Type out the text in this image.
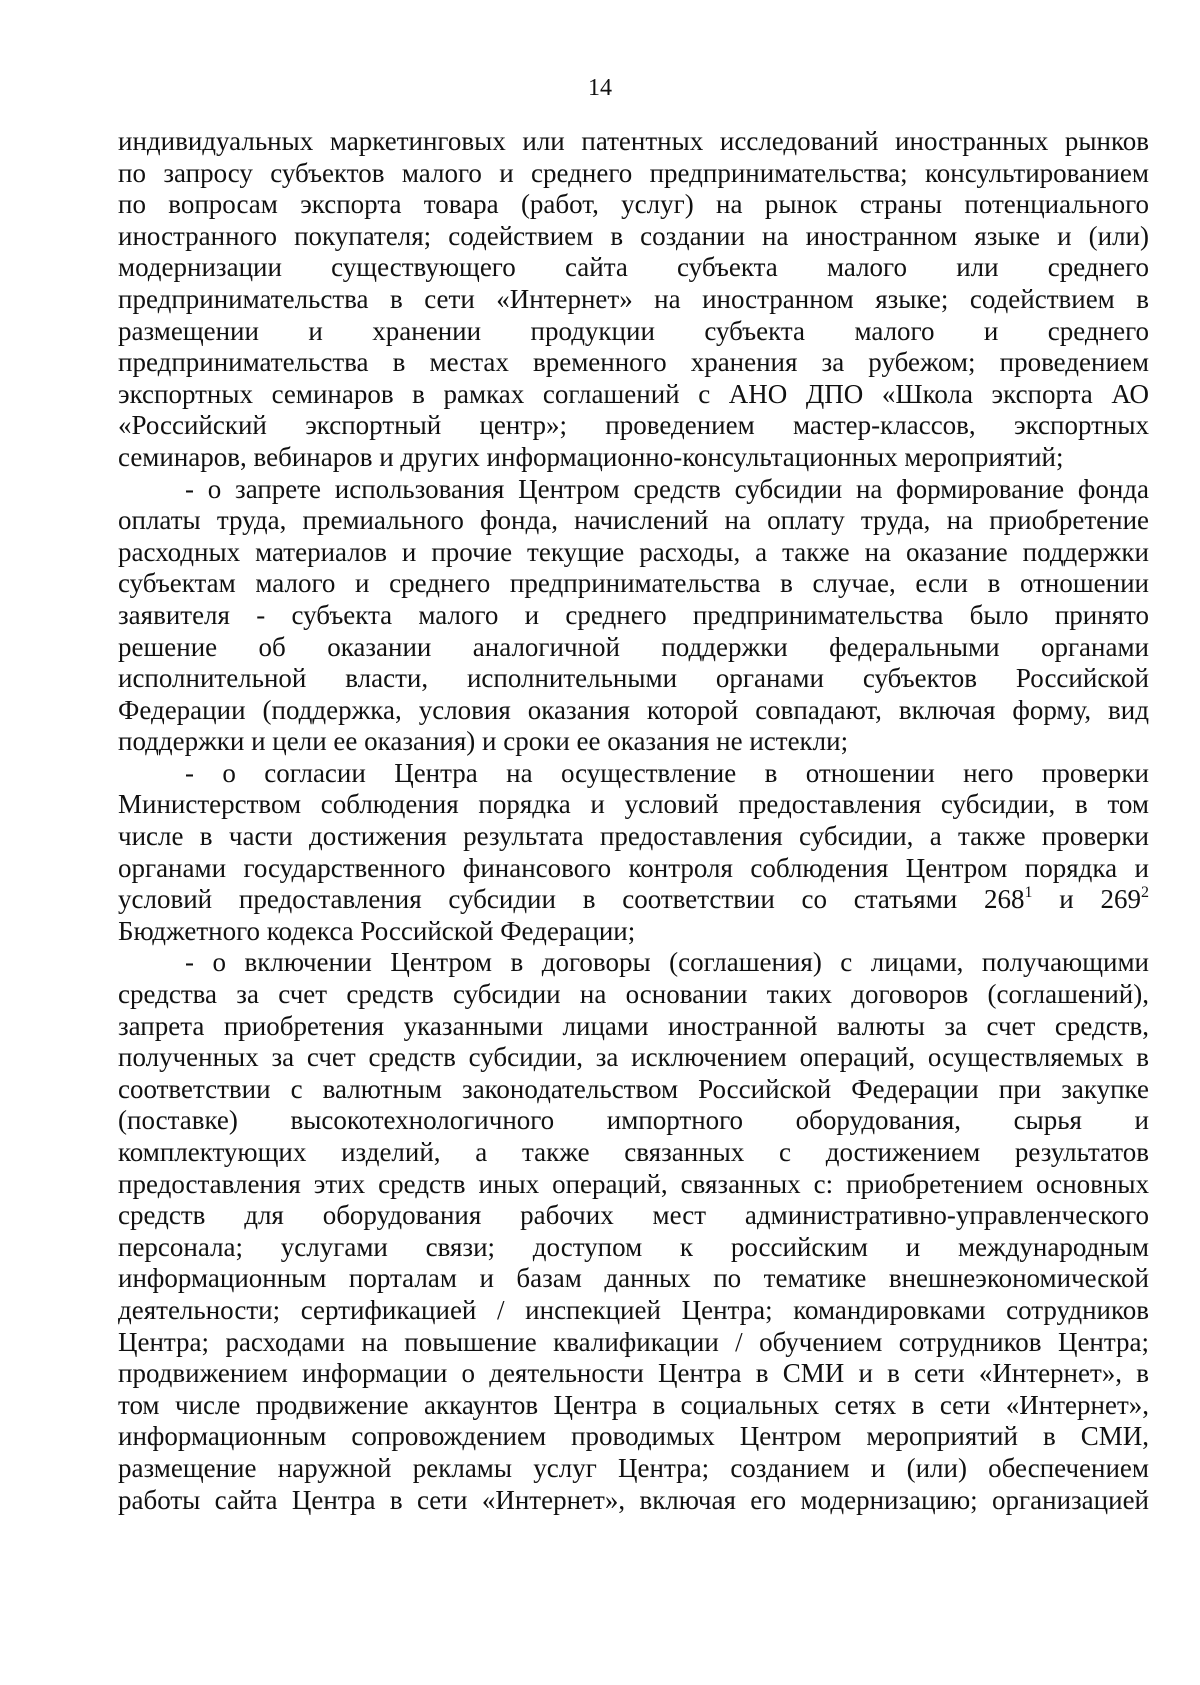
14
индивидуальных маркетинговых или патентных исследований иностранных рынков
по запросу субъектов малого и среднего предпринимательства; консультированием
по вопросам экспорта товара (работ, услуг) на рынок страны потенциального
иностранного покупателя; содействием в создании на иностранном языке и (или)
модернизации существующего сайта субъекта малого или среднего
предпринимательства в сети «Интернет» на иностранном языке; содействием в
размещении и хранении продукции субъекта малого и среднего
предпринимательства в местах временного хранения за рубежом; проведением
экспортных семинаров в рамках соглашений с АНО ДПО «Школа экспорта АО
«Российский экспортный центр»; проведением мастер-классов, экспортных
семинаров, вебинаров и других информационно-консультационных мероприятий;
- о запрете использования Центром средств субсидии на формирование фонда
оплаты труда, премиального фонда, начислений на оплату труда, на приобретение
расходных материалов и прочие текущие расходы, а также на оказание поддержки
субъектам малого и среднего предпринимательства в случае, если в отношении
заявителя - субъекта малого и среднего предпринимательства было принято
решение об оказании аналогичной поддержки федеральными органами
исполнительной власти, исполнительными органами субъектов Российской
Федерации (поддержка, условия оказания которой совпадают, включая форму, вид
поддержки и цели ее оказания) и сроки ее оказания не истекли;
- о согласии Центра на осуществление в отношении него проверки
Министерством соблюдения порядка и условий предоставления субсидии, в том
числе в части достижения результата предоставления субсидии, а также проверки
органами государственного финансового контроля соблюдения Центром порядка и
условий предоставления субсидии в соответствии со статьями $268^1$ и $269^2$
Бюджетного кодекса Российской Федерации;
- о включении Центром в договоры (соглашения) с лицами, получающими
средства за счет средств субсидии на основании таких договоров (соглашений),
запрета приобретения указанными лицами иностранной валюты за счет средств,
полученных за счет средств субсидии, за исключением операций, осуществляемых в
соответствии с валютным законодательством Российской Федерации при закупке
(поставке) высокотехнологичного импортного оборудования, сырья и
комплектующих изделий, а также связанных с достижением результатов
предоставления этих средств иных операций, связанных с: приобретением основных
средств для оборудования рабочих мест административно-управленческого
персонала; услугами связи; доступом к российским и международным
информационным порталам и базам данных по тематике внешнеэкономической
деятельности; сертификацией / инспекцией Центра; командировками сотрудников
Центра; расходами на повышение квалификации / обучением сотрудников Центра;
продвижением информации о деятельности Центра в СМИ и в сети «Интернет», в
том числе продвижение аккаунтов Центра в социальных сетях в сети «Интернет»,
информационным сопровождением проводимых Центром мероприятий в СМИ,
размещение наружной рекламы услуг Центра; созданием и (или) обеспечением
работы сайта Центра в сети «Интернет», включая его модернизацию; организацией
